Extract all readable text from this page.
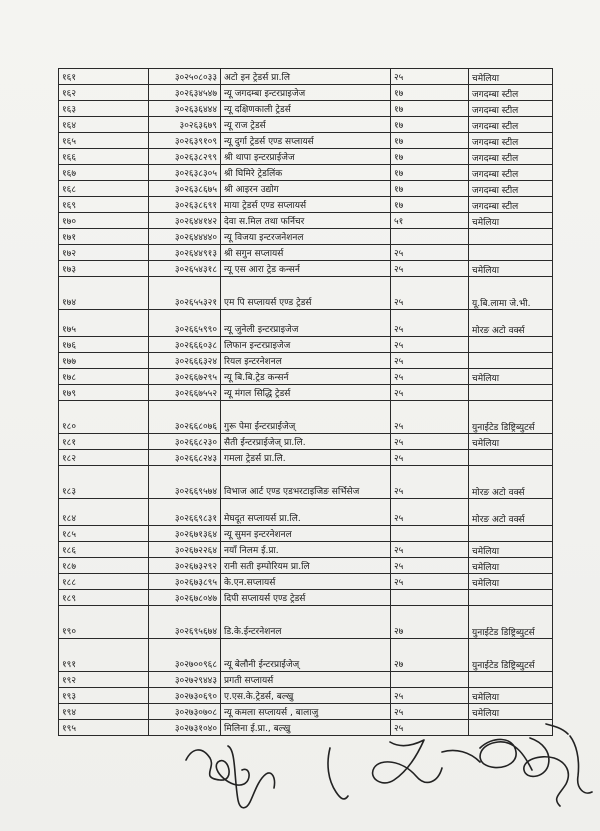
१६१	३०२५०८०३३	अटो इन ट्रेडर्स प्रा.लि	२५	चमेलिया
१६२	३०२६३४५४७	न्यू जगदम्बा इन्टरप्राइजेज	१७	जगदम्बा स्टील
१६३	३०२६३६४४४	न्यू दक्षिणकाली ट्रेडर्स	१७	जगदम्बा स्टील
१६४	३०२६३६७९	न्यू राज ट्रेडर्स	१७	जगदम्बा स्टील
१६५	३०२६३९१०९	न्यू दुर्गा ट्रेडर्स एण्ड सप्लायर्स	१७	जगदम्बा स्टील
१६६	३०२६३८२९९	श्री थापा इन्टरप्राईजेज	१७	जगदम्बा स्टील
१६७	३०२६३८३०५	श्री घिमिरे ट्रेडलिंक	१७	जगदम्बा स्टील
१६८	३०२६३८६७५	श्री आइरन उद्योग	१७	जगदम्बा स्टील
१६९	३०२६३८६९१	माया ट्रेडर्स एण्ड सप्लायर्स	१७	जगदम्बा स्टील
१७०	३०२६४४१४२	देवा स.मिल तथा फर्निचर	५१	चमेलिया
१७१	३०२६४४४४०	न्यू विजया इन्टरजनेशनल		
१७२	३०२६४४९१३	श्री सगुन सप्लायर्स	२५	
१७३	३०२६५४३१८	न्यू एस आरा ट्रेड कन्सर्न	२५	चमेलिया
१७४	३०२६५५३२१	एम पि सप्लायर्स एण्ड ट्रेडर्स	२५	यू.बि.लामा जे.भी.
१७५	३०२६६५९९०	न्यू जुनेली इन्टरप्राइजेज	२५	मोरङ अटो वर्क्स
१७६	३०२६६६०३८	लिफान इन्टरप्राइजेज	२५	
१७७	३०२६६६३२४	रियल इन्टरनेशनल	२५	
१७८	३०२६६७२९५	न्यू बि.बि.ट्रेड कन्सर्न	२५	चमेलिया
१७९	३०२६६७५५२	न्यू मंगल सिद्धि ट्रेडर्स	२५	
१८०	३०२६६८०७६	गुरू पेमा ईन्टरप्राईजेज्	२५	युनाईटेड डिष्ट्रिब्युटर्स
१८१	३०२६६८२३०	सैती ईन्टरप्राईजेज् प्रा.लि.	२५	चमेलिया
१८२	३०२६६८२४३	गमला ट्रेडर्स प्रा.लि.	२५	
१८३	३०२६६९५७४	विभाज आर्ट एण्ड एडभरटाइजिङ सर्भिसेज	२५	मोरङ अटो वर्क्स
१८४	३०२६६९८३१	मेघदूत सप्लायर्स प्रा.लि.	२५	मोरङ अटो वर्क्स
१८५	३०२६७१३६४	न्यू सुमन इन्टरनेशनल		
१८६	३०२६७२२६४	नयाँ निलम ई.प्रा.	२५	चमेलिया
१८७	३०२६७३२९२	रानी सती इम्पोरियम प्रा.लि	२५	चमेलिया
१८८	३०२६७३८९५	के.एन.सप्लायर्स	२५	चमेलिया
१८९	३०२६७८०४७	दिपी सप्लायर्स एण्ड ट्रेडर्स		
१९०	३०२६९५६७४	डि.के.ईन्टरनेशनल	२७	युनाईटेड डिष्ट्रिब्युटर्स
१९१	३०२७००९६८	न्यू बेलौनी ईन्टरप्राईजेज्	२७	युनाईटेड डिष्ट्रिब्युटर्स
१९२	३०२७२९४४३	प्रगती सप्लायर्स		
१९३	३०२७३०६९०	ए.एस.के.ट्रेडर्स, बल्खु	२५	चमेलिया
१९४	३०२७३०७०८	न्यू कमला सप्लायर्स , बालाजु	२५	चमेलिया
१९५	३०२७३१०४०	मिलिना ई.प्रा., बल्खु	२५	
